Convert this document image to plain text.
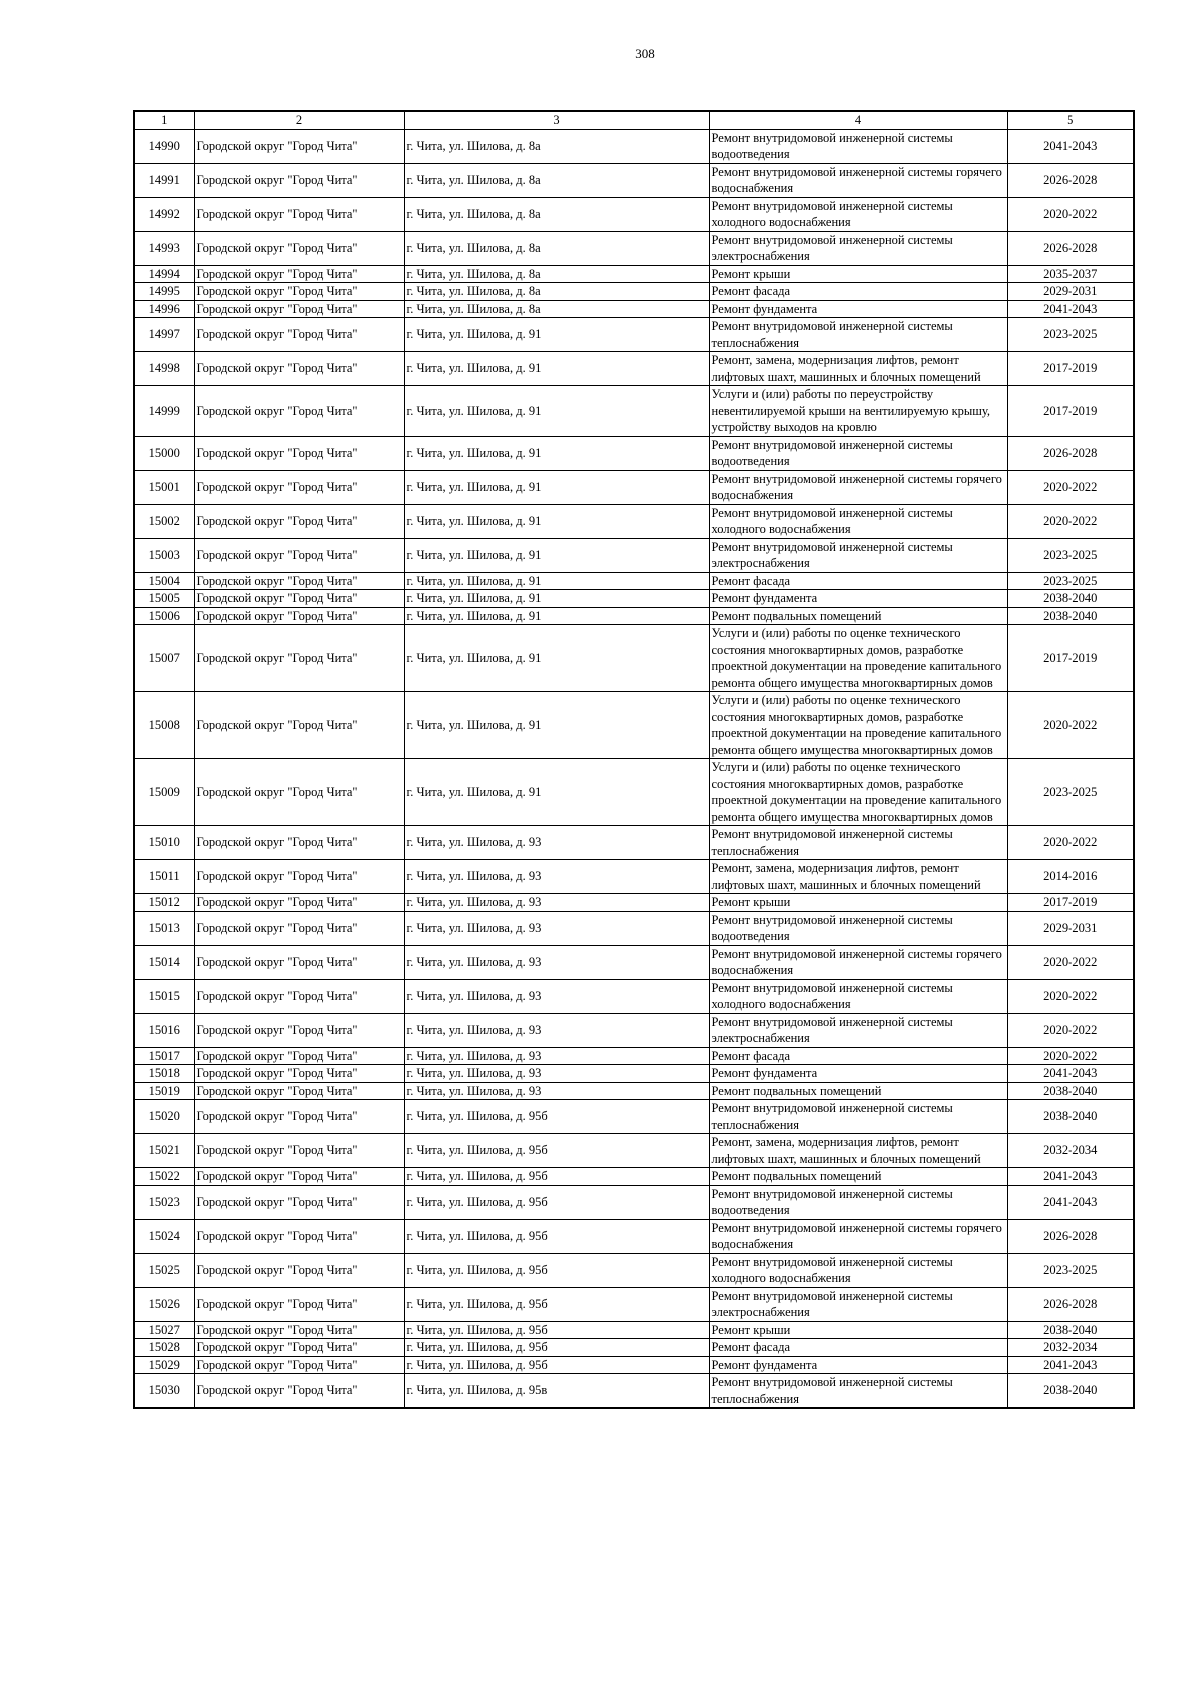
308
1	2	3	4	5
14990	Городской округ "Город Чита"	г. Чита, ул. Шилова, д. 8а	Ремонт внутридомовой инженерной системы водоотведения	2041-2043
14991	Городской округ "Город Чита"	г. Чита, ул. Шилова, д. 8а	Ремонт внутридомовой инженерной системы горячего водоснабжения	2026-2028
14992	Городской округ "Город Чита"	г. Чита, ул. Шилова, д. 8а	Ремонт внутридомовой инженерной системы холодного водоснабжения	2020-2022
14993	Городской округ "Город Чита"	г. Чита, ул. Шилова, д. 8а	Ремонт внутридомовой инженерной системы электроснабжения	2026-2028
14994	Городской округ "Город Чита"	г. Чита, ул. Шилова, д. 8а	Ремонт крыши	2035-2037
14995	Городской округ "Город Чита"	г. Чита, ул. Шилова, д. 8а	Ремонт фасада	2029-2031
14996	Городской округ "Город Чита"	г. Чита, ул. Шилова, д. 8а	Ремонт фундамента	2041-2043
14997	Городской округ "Город Чита"	г. Чита, ул. Шилова, д. 91	Ремонт внутридомовой инженерной системы теплоснабжения	2023-2025
14998	Городской округ "Город Чита"	г. Чита, ул. Шилова, д. 91	Ремонт, замена, модернизация лифтов, ремонт лифтовых шахт, машинных и блочных помещений	2017-2019
14999	Городской округ "Город Чита"	г. Чита, ул. Шилова, д. 91	Услуги и (или) работы по переустройству невентилируемой крыши на вентилируемую крышу, устройству выходов на кровлю	2017-2019
15000	Городской округ "Город Чита"	г. Чита, ул. Шилова, д. 91	Ремонт внутридомовой инженерной системы водоотведения	2026-2028
15001	Городской округ "Город Чита"	г. Чита, ул. Шилова, д. 91	Ремонт внутридомовой инженерной системы горячего водоснабжения	2020-2022
15002	Городской округ "Город Чита"	г. Чита, ул. Шилова, д. 91	Ремонт внутридомовой инженерной системы холодного водоснабжения	2020-2022
15003	Городской округ "Город Чита"	г. Чита, ул. Шилова, д. 91	Ремонт внутридомовой инженерной системы электроснабжения	2023-2025
15004	Городской округ "Город Чита"	г. Чита, ул. Шилова, д. 91	Ремонт фасада	2023-2025
15005	Городской округ "Город Чита"	г. Чита, ул. Шилова, д. 91	Ремонт фундамента	2038-2040
15006	Городской округ "Город Чита"	г. Чита, ул. Шилова, д. 91	Ремонт подвальных помещений	2038-2040
15007	Городской округ "Город Чита"	г. Чита, ул. Шилова, д. 91	Услуги и (или) работы по оценке технического состояния многоквартирных домов, разработке проектной документации на проведение капитального ремонта общего имущества многоквартирных домов	2017-2019
15008	Городской округ "Город Чита"	г. Чита, ул. Шилова, д. 91	Услуги и (или) работы по оценке технического состояния многоквартирных домов, разработке проектной документации на проведение капитального ремонта общего имущества многоквартирных домов	2020-2022
15009	Городской округ "Город Чита"	г. Чита, ул. Шилова, д. 91	Услуги и (или) работы по оценке технического состояния многоквартирных домов, разработке проектной документации на проведение капитального ремонта общего имущества многоквартирных домов	2023-2025
15010	Городской округ "Город Чита"	г. Чита, ул. Шилова, д. 93	Ремонт внутридомовой инженерной системы теплоснабжения	2020-2022
15011	Городской округ "Город Чита"	г. Чита, ул. Шилова, д. 93	Ремонт, замена, модернизация лифтов, ремонт лифтовых шахт, машинных и блочных помещений	2014-2016
15012	Городской округ "Город Чита"	г. Чита, ул. Шилова, д. 93	Ремонт крыши	2017-2019
15013	Городской округ "Город Чита"	г. Чита, ул. Шилова, д. 93	Ремонт внутридомовой инженерной системы водоотведения	2029-2031
15014	Городской округ "Город Чита"	г. Чита, ул. Шилова, д. 93	Ремонт внутридомовой инженерной системы горячего водоснабжения	2020-2022
15015	Городской округ "Город Чита"	г. Чита, ул. Шилова, д. 93	Ремонт внутридомовой инженерной системы холодного водоснабжения	2020-2022
15016	Городской округ "Город Чита"	г. Чита, ул. Шилова, д. 93	Ремонт внутридомовой инженерной системы электроснабжения	2020-2022
15017	Городской округ "Город Чита"	г. Чита, ул. Шилова, д. 93	Ремонт фасада	2020-2022
15018	Городской округ "Город Чита"	г. Чита, ул. Шилова, д. 93	Ремонт фундамента	2041-2043
15019	Городской округ "Город Чита"	г. Чита, ул. Шилова, д. 93	Ремонт подвальных помещений	2038-2040
15020	Городской округ "Город Чита"	г. Чита, ул. Шилова, д. 95б	Ремонт внутридомовой инженерной системы теплоснабжения	2038-2040
15021	Городской округ "Город Чита"	г. Чита, ул. Шилова, д. 95б	Ремонт, замена, модернизация лифтов, ремонт лифтовых шахт, машинных и блочных помещений	2032-2034
15022	Городской округ "Город Чита"	г. Чита, ул. Шилова, д. 95б	Ремонт подвальных помещений	2041-2043
15023	Городской округ "Город Чита"	г. Чита, ул. Шилова, д. 95б	Ремонт внутридомовой инженерной системы водоотведения	2041-2043
15024	Городской округ "Город Чита"	г. Чита, ул. Шилова, д. 95б	Ремонт внутридомовой инженерной системы горячего водоснабжения	2026-2028
15025	Городской округ "Город Чита"	г. Чита, ул. Шилова, д. 95б	Ремонт внутридомовой инженерной системы холодного водоснабжения	2023-2025
15026	Городской округ "Город Чита"	г. Чита, ул. Шилова, д. 95б	Ремонт внутридомовой инженерной системы электроснабжения	2026-2028
15027	Городской округ "Город Чита"	г. Чита, ул. Шилова, д. 95б	Ремонт крыши	2038-2040
15028	Городской округ "Город Чита"	г. Чита, ул. Шилова, д. 95б	Ремонт фасада	2032-2034
15029	Городской округ "Город Чита"	г. Чита, ул. Шилова, д. 95б	Ремонт фундамента	2041-2043
15030	Городской округ "Город Чита"	г. Чита, ул. Шилова, д. 95в	Ремонт внутридомовой инженерной системы теплоснабжения	2038-2040
